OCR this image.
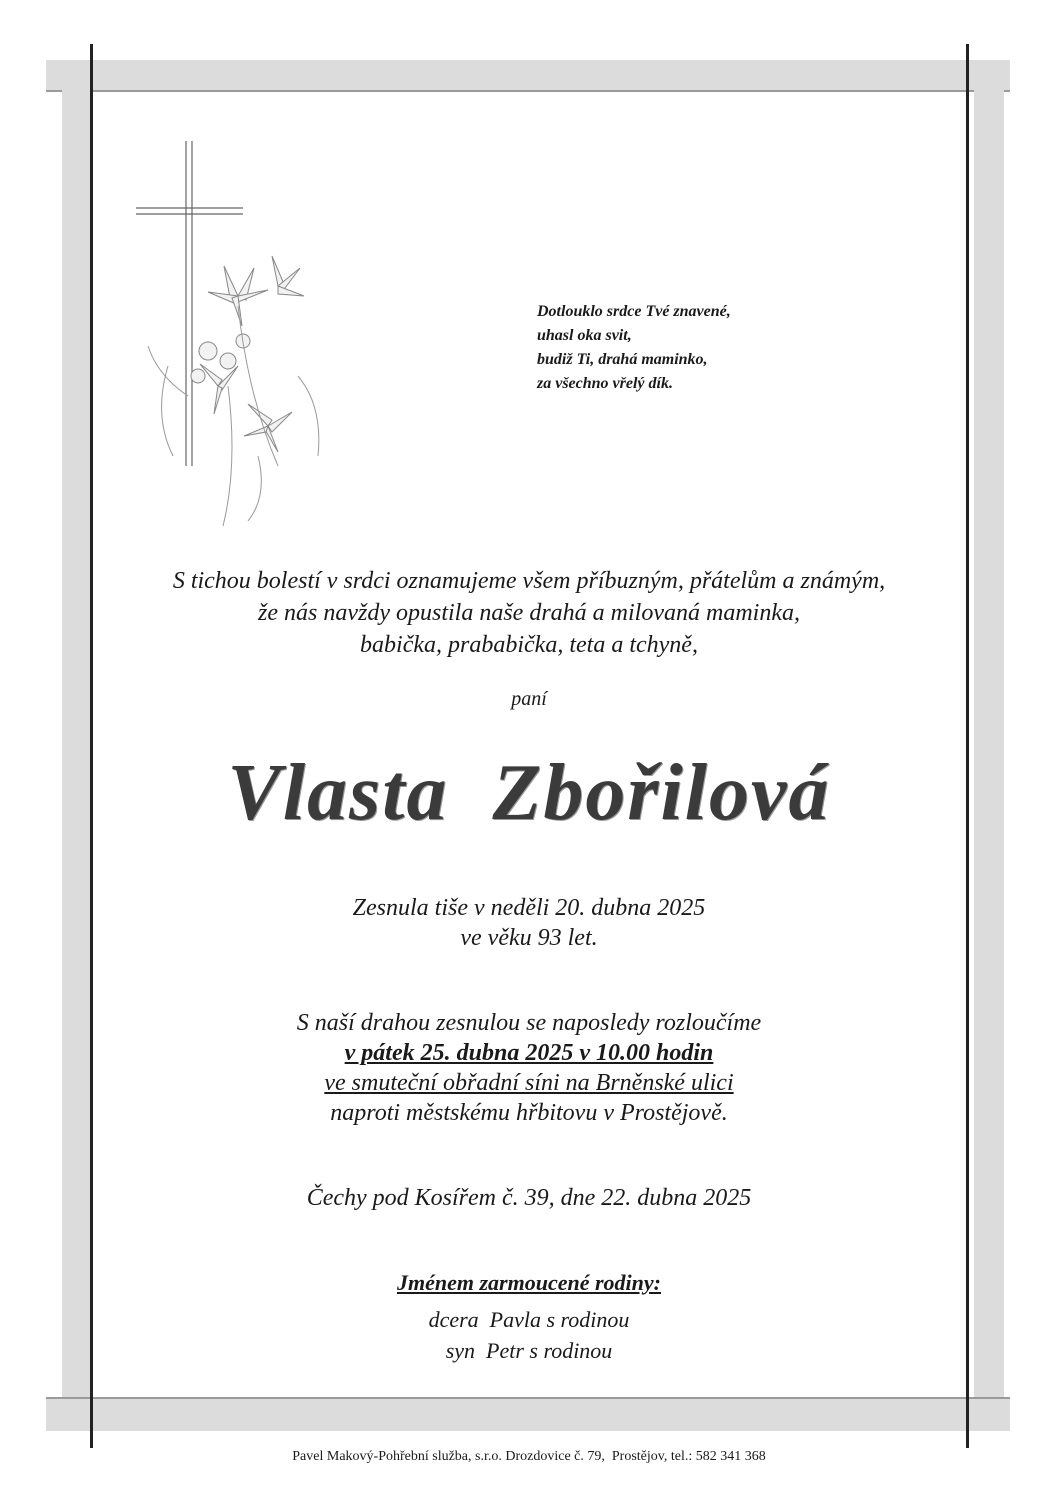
Dotlouklo srdce Tvé znavené,
uhasl oka svit,
budiž Ti, drahá maminko,
za všechno vřelý dík.
S tichou bolestí v srdci oznamujeme všem příbuzným, přátelům a známým,
že nás navždy opustila naše drahá a milovaná maminka,
babička, prababička, teta a tchyně,
paní
Vlasta  Zbořilová
Zesnula tiše v neděli 20. dubna 2025
ve věku 93 let.
S naší drahou zesnulou se naposledy rozloučíme
v pátek 25. dubna 2025 v 10.00 hodin
ve smuteční obřadní síni na Brněnské ulici
naproti městskému hřbitovu v Prostějově.
Čechy pod Kosířem č. 39, dne 22. dubna 2025
Jménem zarmoucené rodiny:
dcera  Pavla s rodinou
syn  Petr s rodinou
Pavel Makový-Pohřební služba, s.r.o. Drozdovice č. 79,  Prostějov, tel.: 582 341 368
